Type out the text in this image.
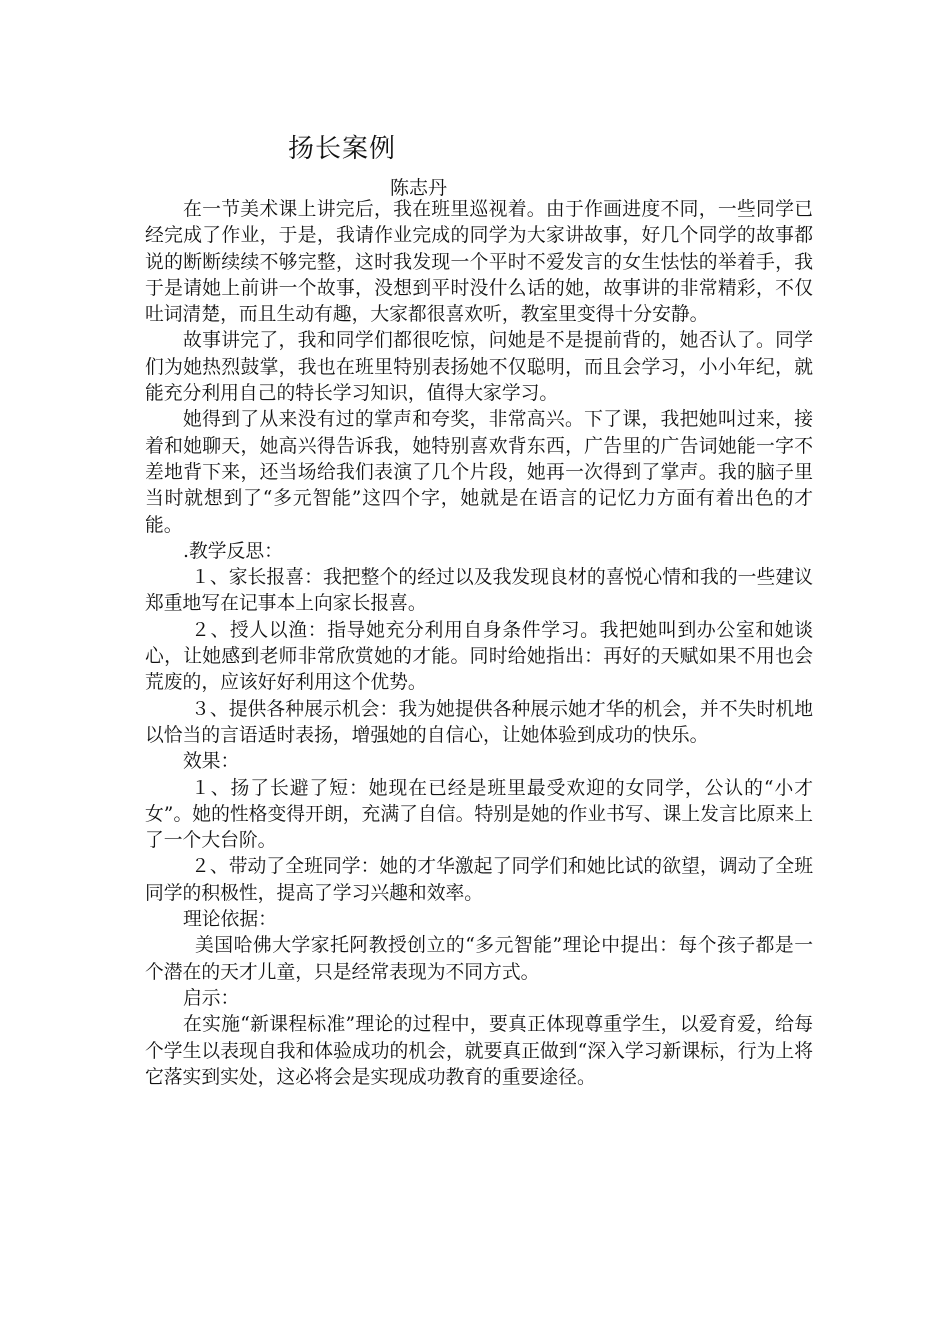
扬长案例
陈志丹

在一节美术课上讲完后，我在班里巡视着。由于作画进度不同，一些同学已经完成了作业，于是，我请作业完成的同学为大家讲故事，好几个同学的故事都说的断断续续不够完整，这时我发现一个平时不爱发言的女生怯怯的举着手，我于是请她上前讲一个故事，没想到平时没什么话的她，故事讲的非常精彩，不仅吐词清楚，而且生动有趣，大家都很喜欢听，教室里变得十分安静。

故事讲完了，我和同学们都很吃惊，问她是不是提前背的，她否认了。同学们为她热烈鼓掌，我也在班里特别表扬她不仅聪明，而且会学习，小小年纪，就能充分利用自己的特长学习知识，值得大家学习。

她得到了从来没有过的掌声和夸奖，非常高兴。下了课，我把她叫过来，接着和她聊天，她高兴得告诉我，她特别喜欢背东西，广告里的广告词她能一字不差地背下来，还当场给我们表演了几个片段，她再一次得到了掌声。我的脑子里当时就想到了“多元智能”这四个字，她就是在语言的记忆力方面有着出色的才能。

.教学反思：

１、家长报喜：我把整个的经过以及我发现良材的喜悦心情和我的一些建议郑重地写在记事本上向家长报喜。

２、授人以渔：指导她充分利用自身条件学习。我把她叫到办公室和她谈心，让她感到老师非常欣赏她的才能。同时给她指出：再好的天赋如果不用也会荒废的，应该好好利用这个优势。

３、提供各种展示机会：我为她提供各种展示她才华的机会，并不失时机地以恰当的言语适时表扬，增强她的自信心，让她体验到成功的快乐。

效果：

１、扬了长避了短：她现在已经是班里最受欢迎的女同学，公认的“小才女”。她的性格变得开朗，充满了自信。特别是她的作业书写、课上发言比原来上了一个大台阶。

２、带动了全班同学：她的才华激起了同学们和她比试的欲望，调动了全班同学的积极性，提高了学习兴趣和效率。

理论依据：

美国哈佛大学家托阿教授创立的“多元智能”理论中提出：每个孩子都是一个潜在的天才儿童，只是经常表现为不同方式。

启示：

在实施“新课程标准”理论的过程中，要真正体现尊重学生，以爱育爱，给每个学生以表现自我和体验成功的机会，就要真正做到“深入学习新课标，行为上将它落实到实处，这必将会是实现成功教育的重要途径。
